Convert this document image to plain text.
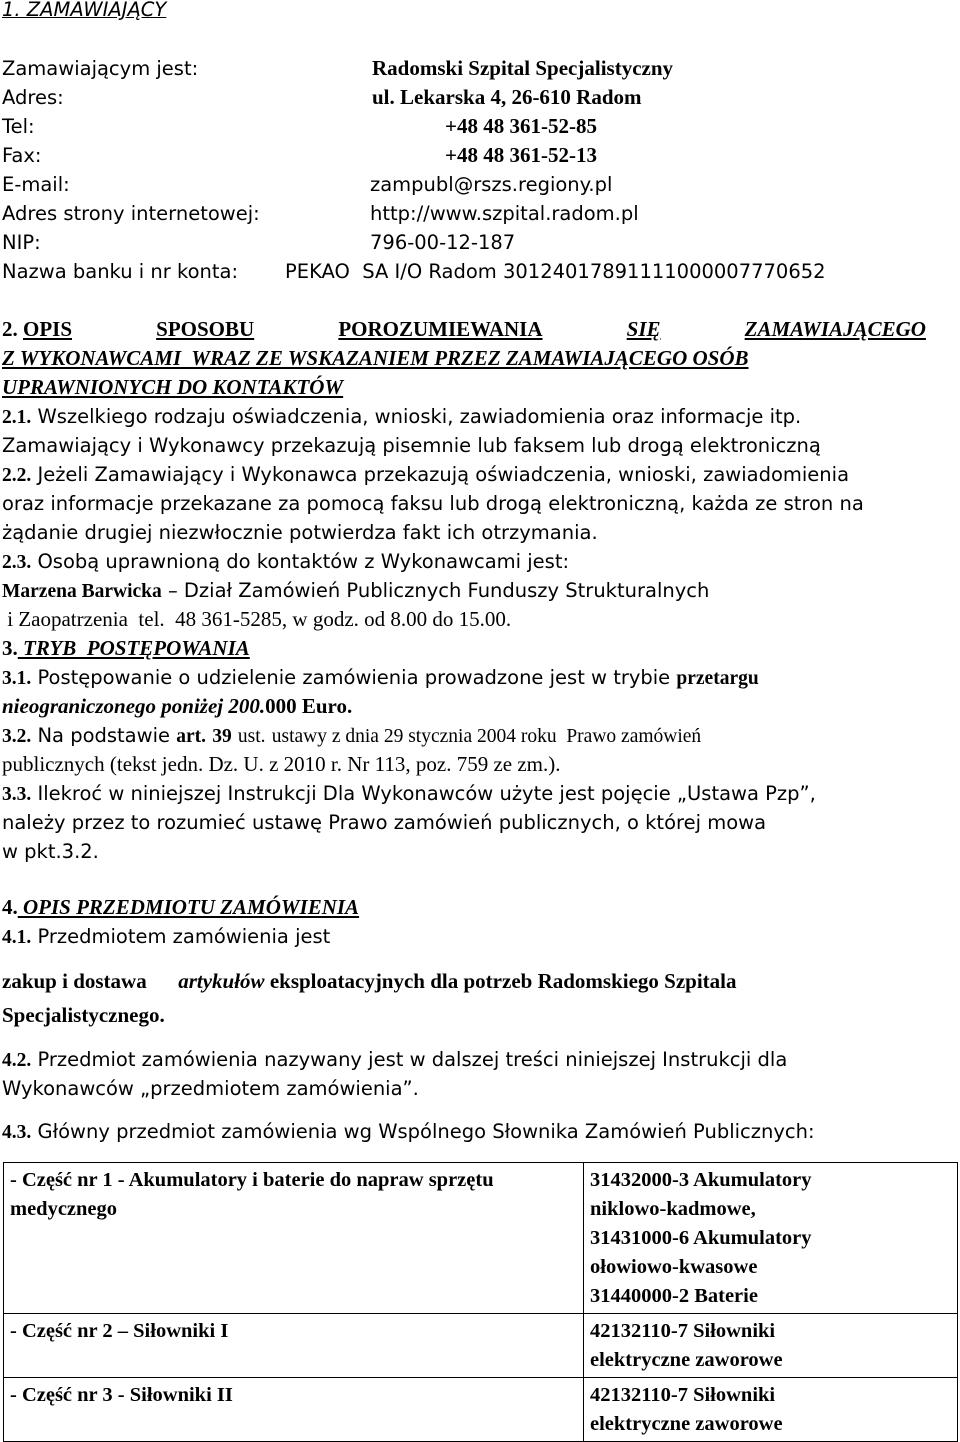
1. ZAMAWIAJĄCY
Zamawiającym jest:	Radomski Szpital Specjalistyczny
Adres:	ul. Lekarska 4, 26-610 Radom
Tel:	+48 48 361-52-85
Fax:	+48 48 361-52-13
E-mail:	zampubl@rszs.regiony.pl
Adres strony internetowej:	http://www.szpital.radom.pl
NIP:	796-00-12-187
Nazwa banku i nr konta: PEKAO  SA I/O Radom 30124017891111000007770652
2. OPIS	SPOSOBU	POROZUMIEWANIA	SIĘ	ZAMAWIAJĄCEGO
Z WYKONAWCAMI  WRAZ ZE WSKAZANIEM PRZEZ ZAMAWIAJĄCEGO OSÓB
UPRAWNIONYCH DO KONTAKTÓW
2.1. Wszelkiego rodzaju oświadczenia, wnioski, zawiadomienia oraz informacje itp.
Zamawiający i Wykonawcy przekazują pisemnie lub faksem lub drogą elektroniczną
2.2. Jeżeli Zamawiający i Wykonawca przekazują oświadczenia, wnioski, zawiadomienia
oraz informacje przekazane za pomocą faksu lub drogą elektroniczną, każda ze stron na
żądanie drugiej niezwłocznie potwierdza fakt ich otrzymania.
2.3. Osobą uprawnioną do kontaktów z Wykonawcami jest:
Marzena Barwicka – Dział Zamówień Publicznych Funduszy Strukturalnych
i Zaopatrzenia  tel.  48 361-5285, w godz. od 8.00 do 15.00.
3. TRYB  POSTĘPOWANIA
3.1. Postępowanie o udzielenie zamówienia prowadzone jest w trybie przetargu
nieograniczonego poniżej 200.000 Euro.
3.2. Na podstawie art. 39 ust. ustawy z dnia 29 stycznia 2004 roku  Prawo zamówień
publicznych (tekst jedn. Dz. U. z 2010 r. Nr 113, poz. 759 ze zm.).
3.3. Ilekroć w niniejszej Instrukcji Dla Wykonawców użyte jest pojęcie „Ustawa Pzp”,
należy przez to rozumieć ustawę Prawo zamówień publicznych, o której mowa
w pkt.3.2.
4. OPIS PRZEDMIOTU ZAMÓWIENIA
4.1. Przedmiotem zamówienia jest
zakup i dostawa artykułów eksploatacyjnych dla potrzeb Radomskiego Szpitala
Specjalistycznego.
4.2. Przedmiot zamówienia nazywany jest w dalszej treści niniejszej Instrukcji dla
Wykonawców „przedmiotem zamówienia”.
4.3. Główny przedmiot zamówienia wg Wspólnego Słownika Zamówień Publicznych:
- Część nr 1 - Akumulatory i baterie do napraw sprzętu medycznego	31432000-3 Akumulatory
niklowo-kadmowe,
31431000-6 Akumulatory
ołowiowo-kwasowe
31440000-2 Baterie

- Część nr 2 – Siłowniki I	42132110-7 Siłowniki
elektryczne zaworowe

- Część nr 3 - Siłowniki II	42132110-7 Siłowniki
elektryczne zaworowe
